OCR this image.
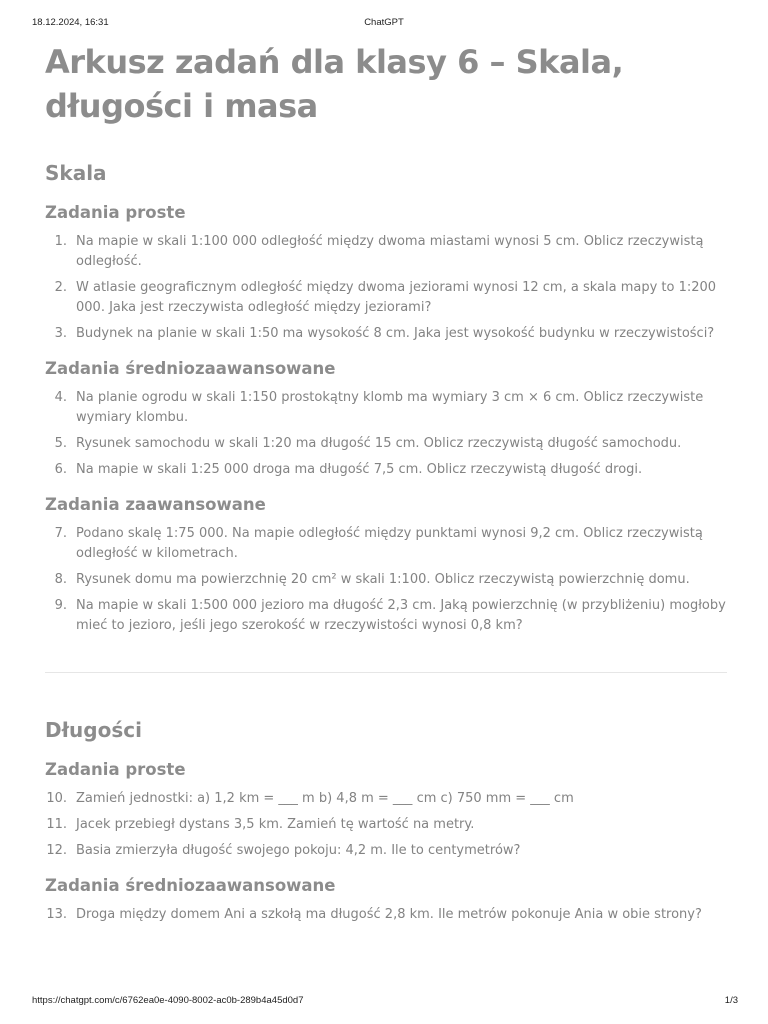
18.12.2024, 16:31	ChatGPT
Arkusz zadań dla klasy 6 – Skala, długości i masa
Skala
Zadania proste
1. Na mapie w skali 1:100 000 odległość między dwoma miastami wynosi 5 cm. Oblicz rzeczywistą odległość.
2. W atlasie geograficznym odległość między dwoma jeziorami wynosi 12 cm, a skala mapy to 1:200 000. Jaka jest rzeczywista odległość między jeziorami?
3. Budynek na planie w skali 1:50 ma wysokość 8 cm. Jaka jest wysokość budynku w rzeczywistości?
Zadania średniozaawansowane
4. Na planie ogrodu w skali 1:150 prostokątny klomb ma wymiary 3 cm × 6 cm. Oblicz rzeczywiste wymiary klombu.
5. Rysunek samochodu w skali 1:20 ma długość 15 cm. Oblicz rzeczywistą długość samochodu.
6. Na mapie w skali 1:25 000 droga ma długość 7,5 cm. Oblicz rzeczywistą długość drogi.
Zadania zaawansowane
7. Podano skalę 1:75 000. Na mapie odległość między punktami wynosi 9,2 cm. Oblicz rzeczywistą odległość w kilometrach.
8. Rysunek domu ma powierzchnię 20 cm² w skali 1:100. Oblicz rzeczywistą powierzchnię domu.
9. Na mapie w skali 1:500 000 jezioro ma długość 2,3 cm. Jaką powierzchnię (w przybliżeniu) mogłoby mieć to jezioro, jeśli jego szerokość w rzeczywistości wynosi 0,8 km?
Długości
Zadania proste
10. Zamień jednostki: a) 1,2 km = ___ m b) 4,8 m = ___ cm c) 750 mm = ___ cm
11. Jacek przebiegł dystans 3,5 km. Zamień tę wartość na metry.
12. Basia zmierzyła długość swojego pokoju: 4,2 m. Ile to centymetrów?
Zadania średniozaawansowane
13. Droga między domem Ani a szkołą ma długość 2,8 km. Ile metrów pokonuje Ania w obie strony?
https://chatgpt.com/c/6762ea0e-4090-8002-ac0b-289b4a45d0d7	1/3
